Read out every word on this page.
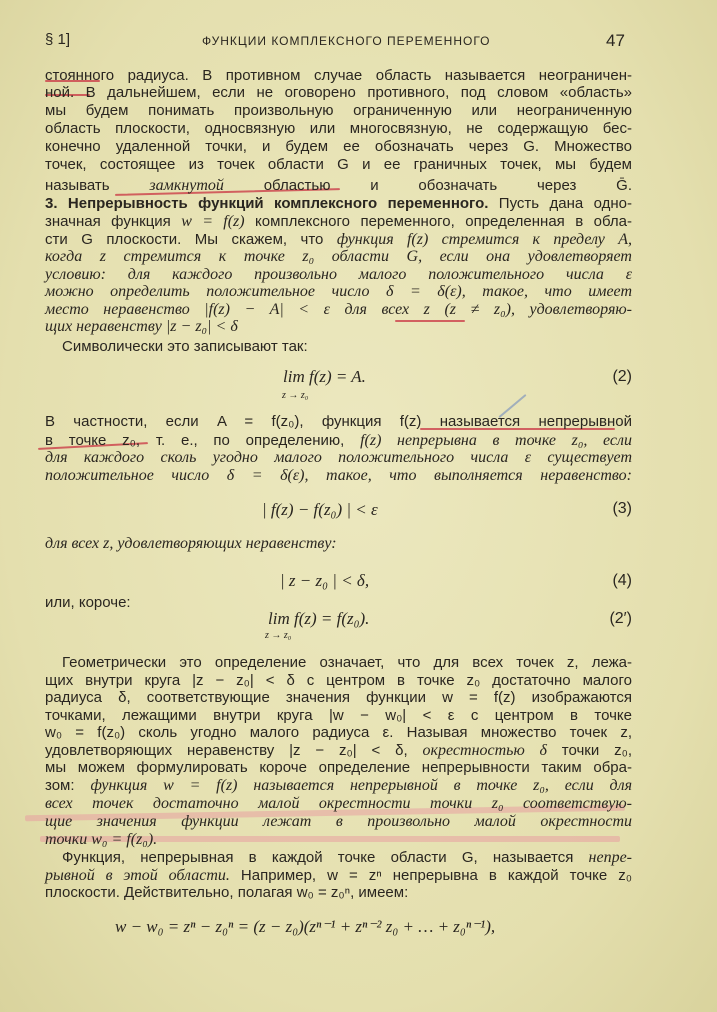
§ 1]	ФУНКЦИИ КОМПЛЕКСНОГО ПЕРЕМЕННОГО	47
стоянного радиуса. В противном случае область называется неограничен-
ной. В дальнейшем, если не оговорено противного, под словом «область»
мы будем понимать произвольную ограниченную или неограниченную
область плоскости, односвязную или многосвязную, не содержащую бес-
конечно удаленной точки, и будем ее обозначать через G. Множество
точек, состоящее из точек области G и ее граничных точек, мы будем
называть замкнутой областью и обозначать через Ḡ.
3. Непрерывность функций комплексного переменного. Пусть дана одно-
значная функция w = f(z) комплексного переменного, определенная в обла-
сти G плоскости. Мы скажем, что функция f(z) стремится к пределу A,
когда z стремится к точке z₀ области G, если она удовлетворяет
условию: для каждого произвольно малого положительного числа ε
можно определить положительное число δ = δ(ε), такое, что имеет
место неравенство |f(z) − A| < ε для всех z (z ≠ z₀), удовлетворяю-
щих неравенству |z − z₀| < δ
Символически это записывают так:
В частности, если A = f(z₀), функция f(z) называется непрерывной
в точке z₀, т. е., по определению, f(z) непрерывна в точке z₀, если
для каждого сколь угодно малого положительного числа ε существует
положительное число δ = δ(ε), такое, что выполняется неравенство:
для всех z, удовлетворяющих неравенству:
или, короче:
Геометрически это определение означает, что для всех точек z, лежа-
щих внутри круга |z − z₀| < δ с центром в точке z₀ достаточно малого
радиуса δ, соответствующие значения функции w = f(z) изображаются
точками, лежащими внутри круга |w − w₀| < ε с центром в точке
w₀ = f(z₀) сколь угодно малого радиуса ε. Называя множество точек z,
удовлетворяющих неравенству |z − z₀| < δ, окрестностью δ точки z₀,
мы можем формулировать короче определение непрерывности таким обра-
зом: функция w = f(z) называется непрерывной в точке z₀, если для
всех точек достаточно малой окрестности точки z₀ соответствую-
щие значения функции лежат в произвольно малой окрестности
точки w₀ = f(z₀).
Функция, непрерывная в каждой точке области G, называется непре-
рывной в этой области. Например, w = zⁿ непрерывна в каждой точке z₀
плоскости. Действительно, полагая w₀ = z₀ⁿ, имеем:
lim f(z) = A.
z → z₀
(2)
| f(z) − f(z₀) | < ε	(3)
| z − z₀ | < δ,	(4)
lim f(z) = f(z₀).
z → z₀
(2′)
w − w₀ = zⁿ − z₀ⁿ = (z − z₀)(zⁿ⁻¹ + zⁿ⁻² z₀ + … + z₀ⁿ⁻¹),
